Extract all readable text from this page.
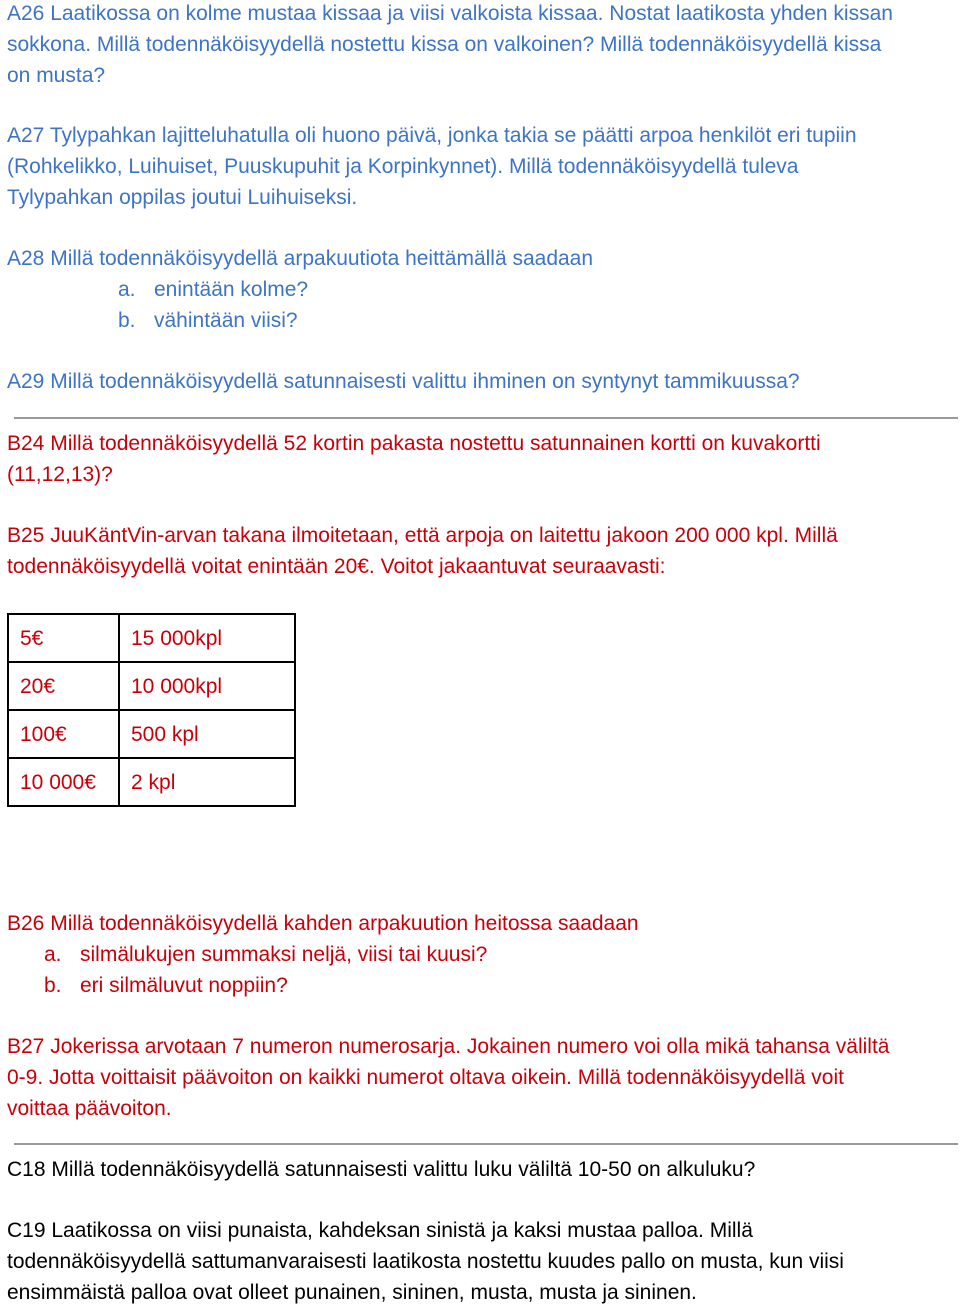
A26 Laatikossa on kolme mustaa kissaa ja viisi valkoista kissaa. Nostat laatikosta yhden kissan
sokkona. Millä todennäköisyydellä nostettu kissa on valkoinen? Millä todennäköisyydellä kissa
on musta?
A27 Tylypahkan lajitteluhatulla oli huono päivä, jonka takia se päätti arpoa henkilöt eri tupiin
(Rohkelikko, Luihuiset, Puuskupuhit ja Korpinkynnet). Millä todennäköisyydellä tuleva
Tylypahkan oppilas joutui Luihuiseksi.
A28 Millä todennäköisyydellä arpakuutiota heittämällä saadaan
a. enintään kolme?
b. vähintään viisi?
A29 Millä todennäköisyydellä satunnaisesti valittu ihminen on syntynyt tammikuussa?
B24 Millä todennäköisyydellä 52 kortin pakasta nostettu satunnainen kortti on kuvakortti
(11,12,13)?
B25 JuuKäntVin-arvan takana ilmoitetaan, että arpoja on laitettu jakoon 200 000 kpl. Millä
todennäköisyydellä voitat enintään 20€. Voitot jakaantuvat seuraavasti:
5€	15 000kpl
20€	10 000kpl
100€	500 kpl
10 000€	2 kpl
B26 Millä todennäköisyydellä kahden arpakuution heitossa saadaan
a. silmälukujen summaksi neljä, viisi tai kuusi?
b. eri silmäluvut noppiin?
B27 Jokerissa arvotaan 7 numeron numerosarja. Jokainen numero voi olla mikä tahansa väliltä
0-9. Jotta voittaisit päävoiton on kaikki numerot oltava oikein. Millä todennäköisyydellä voit
voittaa päävoiton.
C18 Millä todennäköisyydellä satunnaisesti valittu luku väliltä 10-50 on alkuluku?
C19 Laatikossa on viisi punaista, kahdeksan sinistä ja kaksi mustaa palloa. Millä
todennäköisyydellä sattumanvaraisesti laatikosta nostettu kuudes pallo on musta, kun viisi
ensimmäistä palloa ovat olleet punainen, sininen, musta, musta ja sininen.
